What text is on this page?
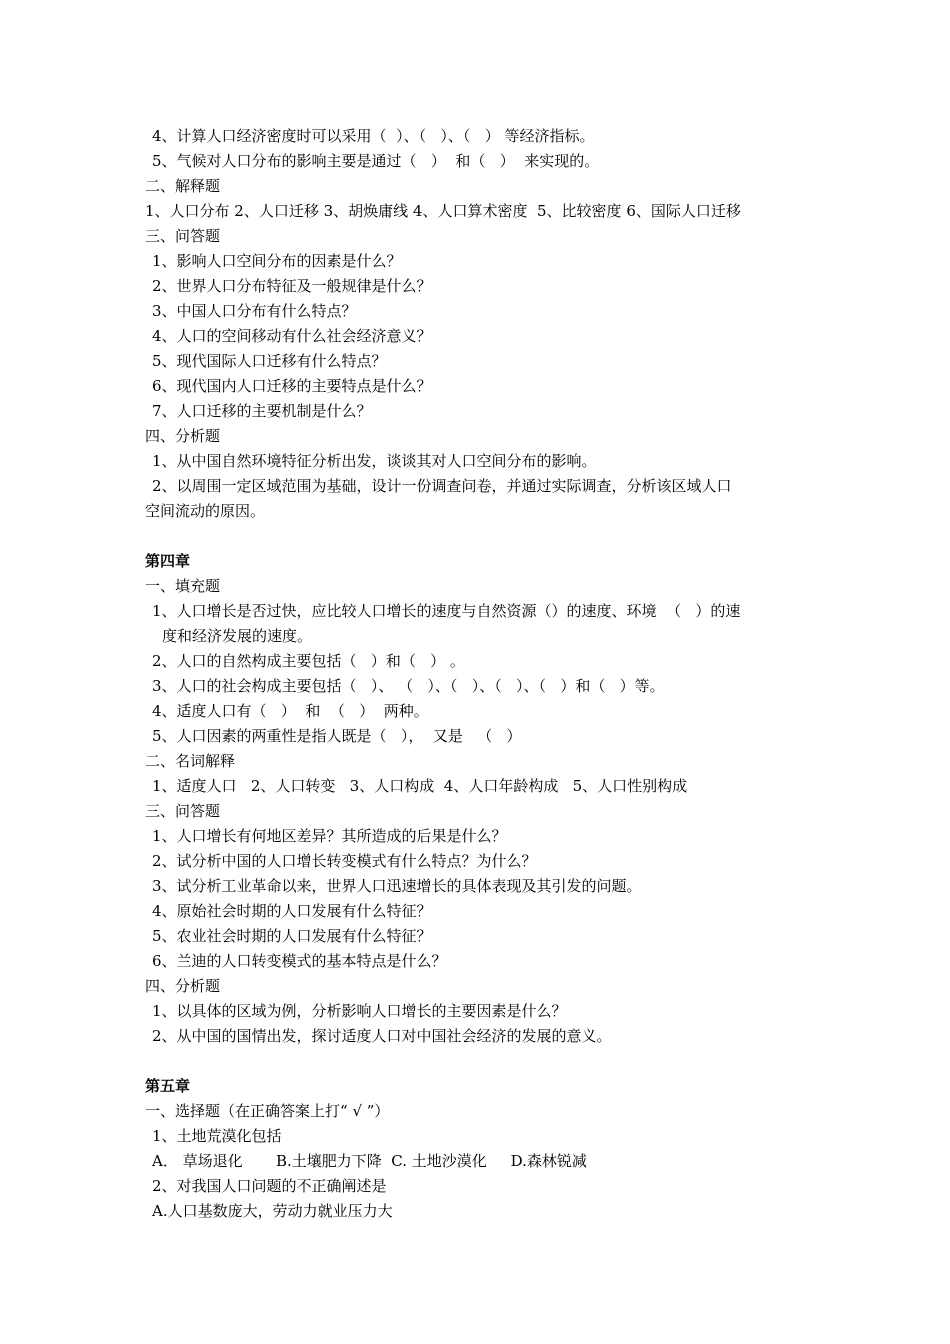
4、计算人口经济密度时可以采用（  ）、（   ）、（   ） 等经济指标。
5、气候对人口分布的影响主要是通过（   ）  和（   ）  来实现的。
二、解释题
1、人口分布 2、人口迁移 3、胡焕庸线 4、人口算术密度  5、比较密度 6、国际人口迁移
三、问答题
1、影响人口空间分布的因素是什么？
2、世界人口分布特征及一般规律是什么？
3、中国人口分布有什么特点？
4、人口的空间移动有什么社会经济意义？
5、现代国际人口迁移有什么特点？
6、现代国内人口迁移的主要特点是什么？
7、人口迁移的主要机制是什么？
四、分析题
1、从中国自然环境特征分析出发，谈谈其对人口空间分布的影响。
2、以周围一定区域范围为基础，设计一份调查问卷，并通过实际调查，分析该区域人口
空间流动的原因。
第四章
一、填充题
1、人口增长是否过快，应比较人口增长的速度与自然资源（）的速度、环境  （   ）的速
度和经济发展的速度。
2、人口的自然构成主要包括（   ）和（   ） 。
3、人口的社会构成主要包括（   ）、 （   ）、（   ）、（   ）、（   ）和（   ）等。
4、适度人口有（   ）  和  （   ）  两种。
5、人口因素的两重性是指人既是（   ），  又是   （   ）
二、名词解释
1、适度人口   2、人口转变   3、人口构成  4、人口年龄构成   5、人口性别构成
三、问答题
1、人口增长有何地区差异？其所造成的后果是什么？
2、试分析中国的人口增长转变模式有什么特点？为什么？
3、试分析工业革命以来，世界人口迅速增长的具体表现及其引发的问题。
4、原始社会时期的人口发展有什么特征？
5、农业社会时期的人口发展有什么特征？
6、兰迪的人口转变模式的基本特点是什么？
四、分析题
1、以具体的区域为例，分析影响人口增长的主要因素是什么？
2、从中国的国情出发，探讨适度人口对中国社会经济的发展的意义。
第五章
一、选择题（在正确答案上打“ √ ”）
1、土地荒漠化包括
A． 草场退化       B.土壤肥力下降  C. 土地沙漠化     D.森林锐减
2、对我国人口问题的不正确阐述是
A.人口基数庞大，劳动力就业压力大
